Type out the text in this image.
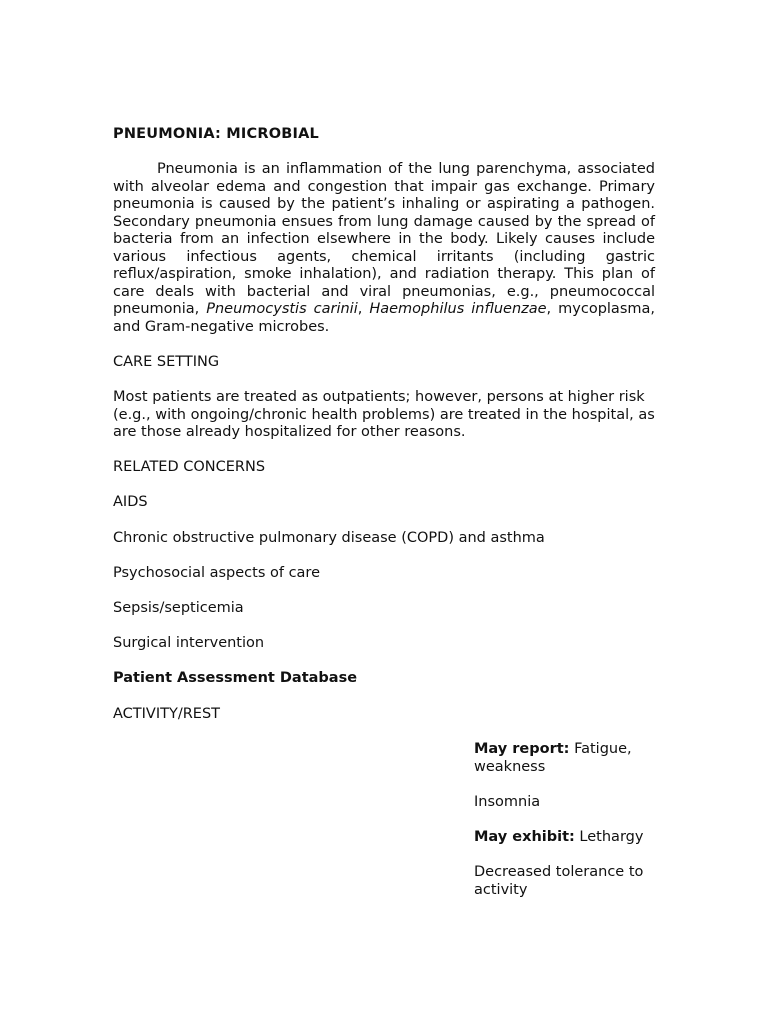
PNEUMONIA: MICROBIAL

Pneumonia is an inflammation of the lung parenchyma, associated with alveolar edema and congestion that impair gas exchange. Primary pneumonia is caused by the patient’s inhaling or aspirating a pathogen. Secondary pneumonia ensues from lung damage caused by the spread of bacteria from an infection elsewhere in the body. Likely causes include various infectious agents, chemical irritants (including gastric reflux/aspiration, smoke inhalation), and radiation therapy. This plan of care deals with bacterial and viral pneumonias, e.g., pneumococcal pneumonia, Pneumocystis carinii, Haemophilus influenzae, mycoplasma, and Gram-negative microbes.

CARE SETTING

Most patients are treated as outpatients; however, persons at higher risk (e.g., with ongoing/chronic health problems) are treated in the hospital, as are those already hospitalized for other reasons.

RELATED CONCERNS

AIDS

Chronic obstructive pulmonary disease (COPD) and asthma

Psychosocial aspects of care

Sepsis/septicemia

Surgical intervention

Patient Assessment Database

ACTIVITY/REST

May report: Fatigue, weakness

Insomnia

May exhibit: Lethargy

Decreased tolerance to activity
